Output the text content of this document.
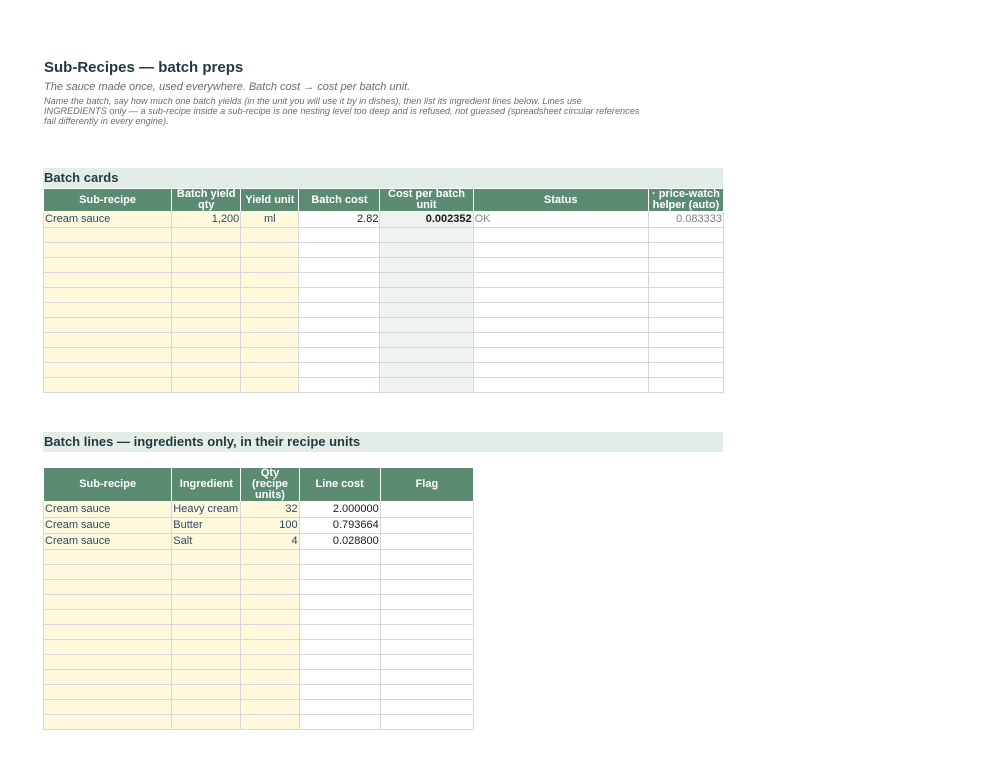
Sub-Recipes — batch preps
The sauce made once, used everywhere. Batch cost → cost per batch unit.
Name the batch, say how much one batch yields (in the unit you will use it by in dishes), then list its ingredient lines below. Lines use INGREDIENTS only — a sub-recipe inside a sub-recipe is one nesting level too deep and is refused, not guessed (spreadsheet circular references fail differently in every engine).
Batch cards
Sub-recipe	Batch yield qty	Yield unit	Batch cost	Cost per batch unit	Status	· price-watch helper (auto)
Cream sauce	1,200	ml	2.82	0.002352	OK	0.083333

Batch lines — ingredients only, in their recipe units
Sub-recipe	Ingredient	Qty (recipe units)	Line cost	Flag
Cream sauce	Heavy cream	32	2.000000	
Cream sauce	Butter	100	0.793664	
Cream sauce	Salt	4	0.028800	
